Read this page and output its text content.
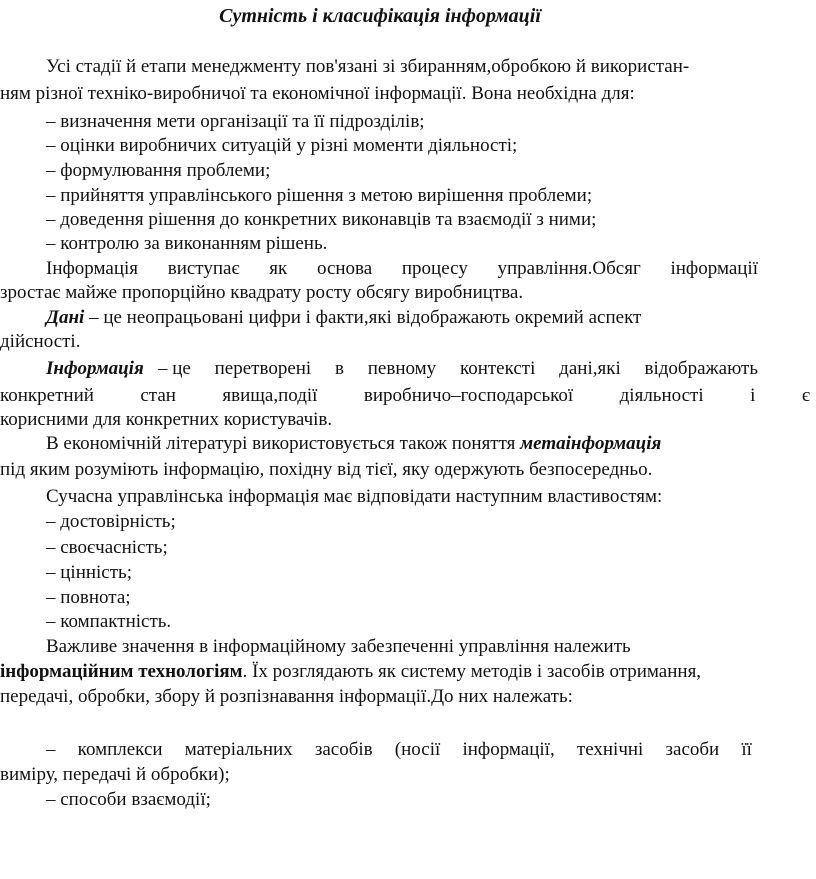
Сутність і класифікація інформації
Усі стадії й етапи менеджменту пов'язані зі збиранням,обробкою й використан-
ням різної техніко-виробничої та економічної інформації. Вона необхідна для:
– визначення мети організації та її підрозділів;
– оцінки виробничих ситуацій у різні моменти діяльності;
– формулювання проблеми;
– прийняття управлінського рішення з метою вирішення проблеми;
– доведення рішення до конкретних виконавців та взаємодії з ними;
– контролю за виконанням рішень.
Інформація виступає як основа процесу управління.Обсяг інформації
зростає майже пропорційно квадрату росту обсягу виробництва.
Дані – це неопрацьовані цифри і факти,які відображають окремий аспект
дійсності.
Інформація – це перетворені в певному контексті дані,які відображають
конкретний стан явища,події виробничо–господарської діяльності і є
корисними для конкретних користувачів.
В економічній літературі використовується також поняття метаінформація
під яким розуміють інформацію, похідну від тієї, яку одержують безпосередньо.
Сучасна управлінська інформація має відповідати наступним властивостям:
– достовірність;
– своєчасність;
– цінність;
– повнота;
– компактність.
Важливе значення в інформаційному забезпеченні управління належить
інформаційним технологіям. Їх розглядають як систему методів і засобів отримання,
передачі, обробки, збору й розпізнавання інформації.До них належать:
– комплекси матеріальних засобів (носії інформації, технічні засоби її
виміру, передачі й обробки);
– способи взаємодії;
